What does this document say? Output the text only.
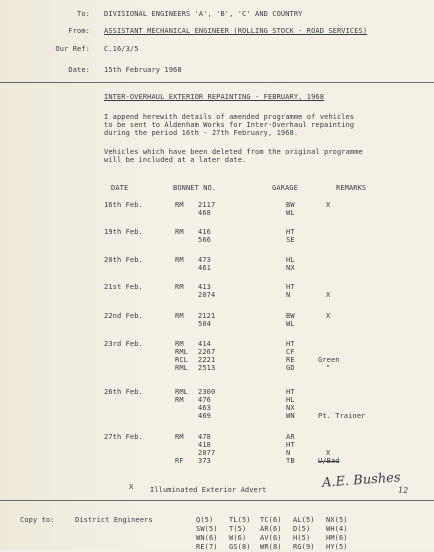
To: DIVISIONAL ENGINEERS 'A', 'B', 'C' AND COUNTRY
From: ASSISTANT MECHANICAL ENGINEER (ROLLING STOCK - ROAD SERVICES)
Our Ref: C.16/3/5
Date: 15th February 1968
INTER-OVERHAUL EXTERIOR REPAINTING - FEBRUARY, 1968
I append herewith details of amended programme of vehicles
to be sent to Aldenham Works for Inter-Overhaul repainting
during the period 16th - 27th February, 1968.
Vehicles which have been deleted from the original programme
will be included at a later date.
DATE	BONNET NO.	GARAGE	REMARKS
16th Feb.	RM 2117	BW	X
468	WL
19th Feb.	RM 416	HT
566	SE
20th Feb.	RM 473	HL
461	NX
21st Feb.	RM 413	HT
2074	N	X
22nd Feb.	RM 2121	BW	X
504	WL
23rd Feb.	RM 414	HT
RML 2267	CF
RCL 2221	RE	Green
RML 2513	GD	"
26th Feb.	RML 2300	HT
RM 476	HL
463	NX
469	WN	Pt. Trainer
27th Feb.	RM 478	AR
418	HT
2077	N	X
RF 373	TB	U/Bad
X Illuminated Exterior Advert	A.E. Bushes
12
Copy to:	District Engineers	Q(5) TL(5) TC(6) AL(5) NX(5)
SW(5) T(5) AR(6) D(5) WH(4)
WN(6) W(6) AV(6) H(5) HM(6)
RE(7) GS(8) WR(8) RG(9) HY(5)
